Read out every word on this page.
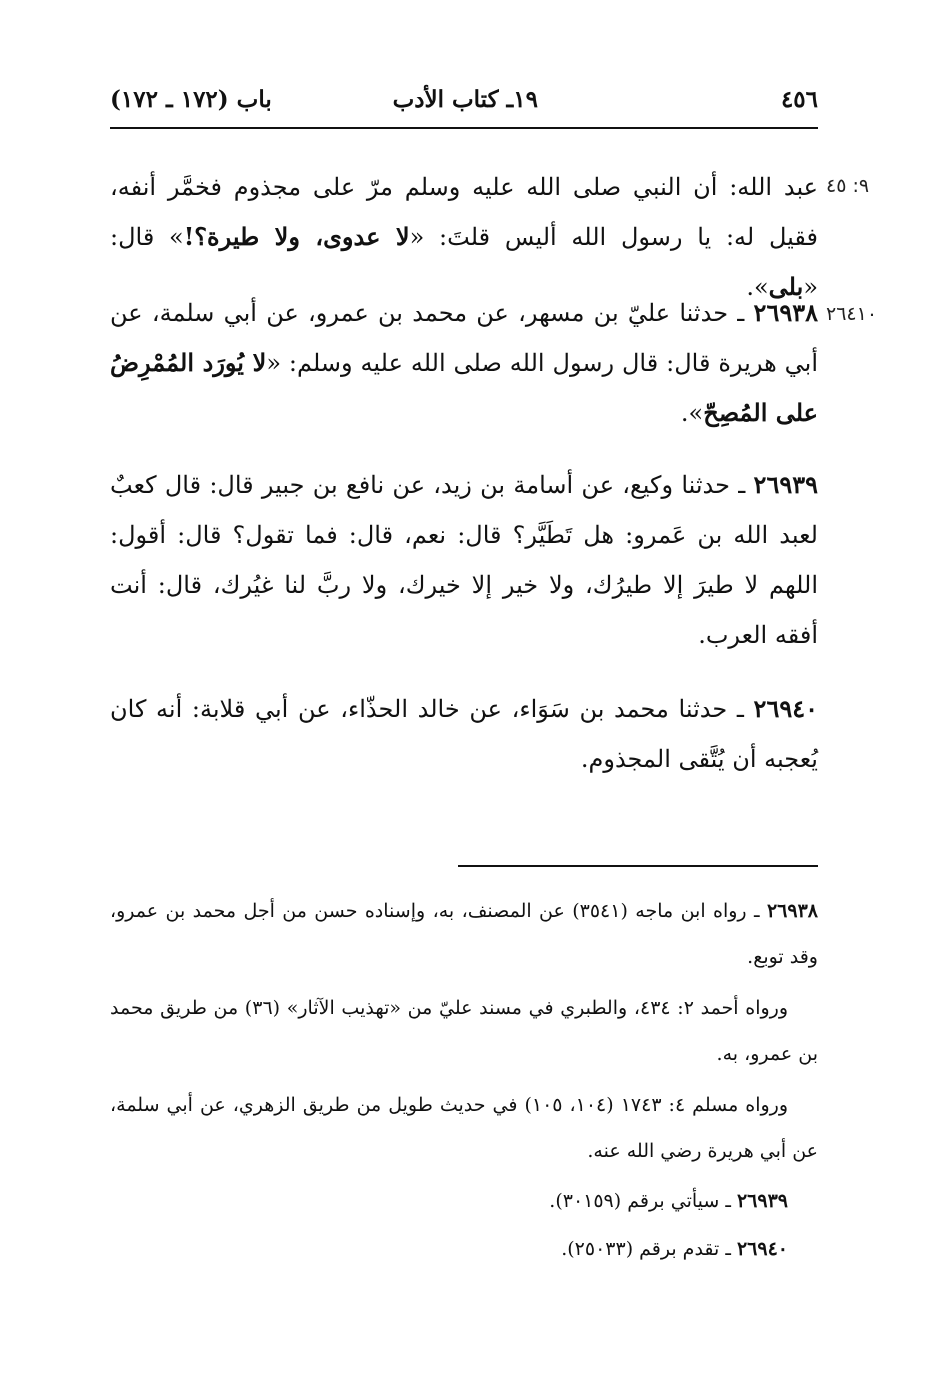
٤٥٦
١٩ـ كتاب الأدب
باب (١٧٢ ـ ١٧٢)
٩: ٤٥
عبد الله: أن النبي صلى الله عليه وسلم مرّ على مجذوم فخمَّر أنفه، فقيل له: يا رسول الله أليس قلتَ: «لا عدوى، ولا طيرة؟!» قال: «بلى».
٢٦٤١٠
٢٦٩٣٨ ـ حدثنا عليّ بن مسهر، عن محمد بن عمرو، عن أبي سلمة، عن أبي هريرة قال: قال رسول الله صلى الله عليه وسلم: «لا يُورَد المُمْرِضُ على المُصِحّ».
٢٦٩٣٩ ـ حدثنا وكيع، عن أسامة بن زيد، عن نافع بن جبير قال: قال كعبٌ لعبد الله بن عَمرو: هل تَطَيَّر؟ قال: نعم، قال: فما تقول؟ قال: أقول: اللهم لا طيرَ إلا طيرُك، ولا خير إلا خيرك، ولا ربَّ لنا غيُرك، قال: أنت أفقه العرب.
٢٦٩٤٠ ـ حدثنا محمد بن سَوَاء، عن خالد الحذّاء، عن أبي قلابة: أنه كان يُعجبه أن يُتَّقى المجذوم.
٢٦٩٣٨ ـ رواه ابن ماجه (٣٥٤١) عن المصنف، به، وإسناده حسن من أجل محمد بن عمرو، وقد توبع.
ورواه أحمد ٢: ٤٣٤، والطبري في مسند عليّ من «تهذيب الآثار» (٣٦) من طريق محمد بن عمرو، به.
ورواه مسلم ٤: ١٧٤٣ (١٠٤، ١٠٥) في حديث طويل من طريق الزهري، عن أبي سلمة، عن أبي هريرة رضي الله عنه.
٢٦٩٣٩ ـ سيأتي برقم (٣٠١٥٩).
٢٦٩٤٠ ـ تقدم برقم (٢٥٠٣٣).
